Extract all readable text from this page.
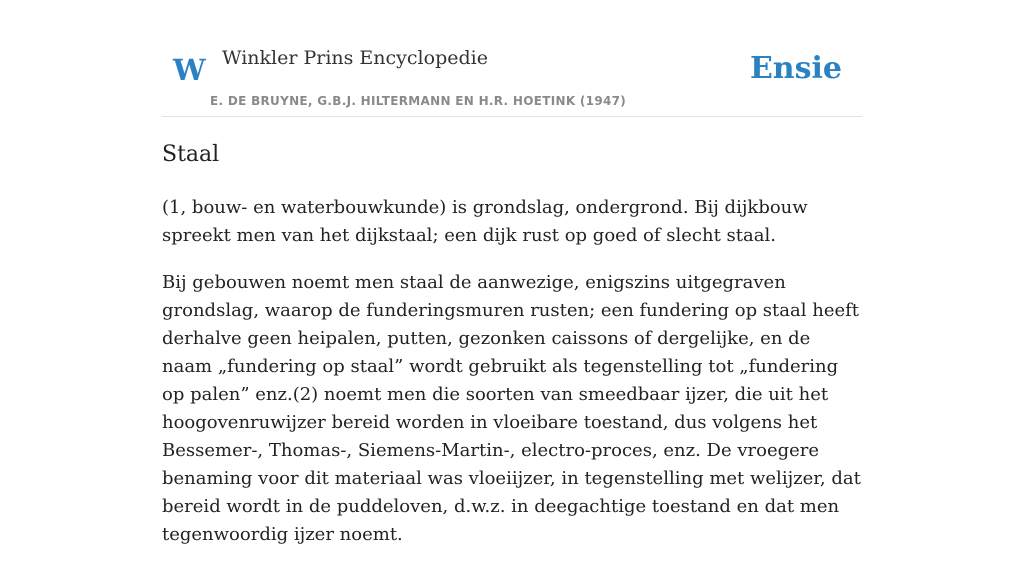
W Winkler Prins Encyclopedie
E. DE BRUYNE, G.B.J. HILTERMANN EN H.R. HOETINK (1947)
Ensie
Staal

(1, bouw- en waterbouwkunde) is grondslag, ondergrond. Bij dijkbouw spreekt men van het dijkstaal; een dijk rust op goed of slecht staal.

Bij gebouwen noemt men staal de aanwezige, enigszins uitgegraven grondslag, waarop de funderingsmuren rusten; een fundering op staal heeft derhalve geen heipalen, putten, gezonken caissons of dergelijke, en de naam „fundering op staal” wordt gebruikt als tegenstelling tot „fundering op palen” enz.(2) noemt men die soorten van smeedbaar ijzer, die uit het hoogovenruwijzer bereid worden in vloeibare toestand, dus volgens het Bessemer-, Thomas-, Siemens-Martin-, electro-proces, enz. De vroegere benaming voor dit materiaal was vloeiijzer, in tegenstelling met welijzer, dat bereid wordt in de puddeloven, d.w.z. in deegachtige toestand en dat men tegenwoordig ijzer noemt.
